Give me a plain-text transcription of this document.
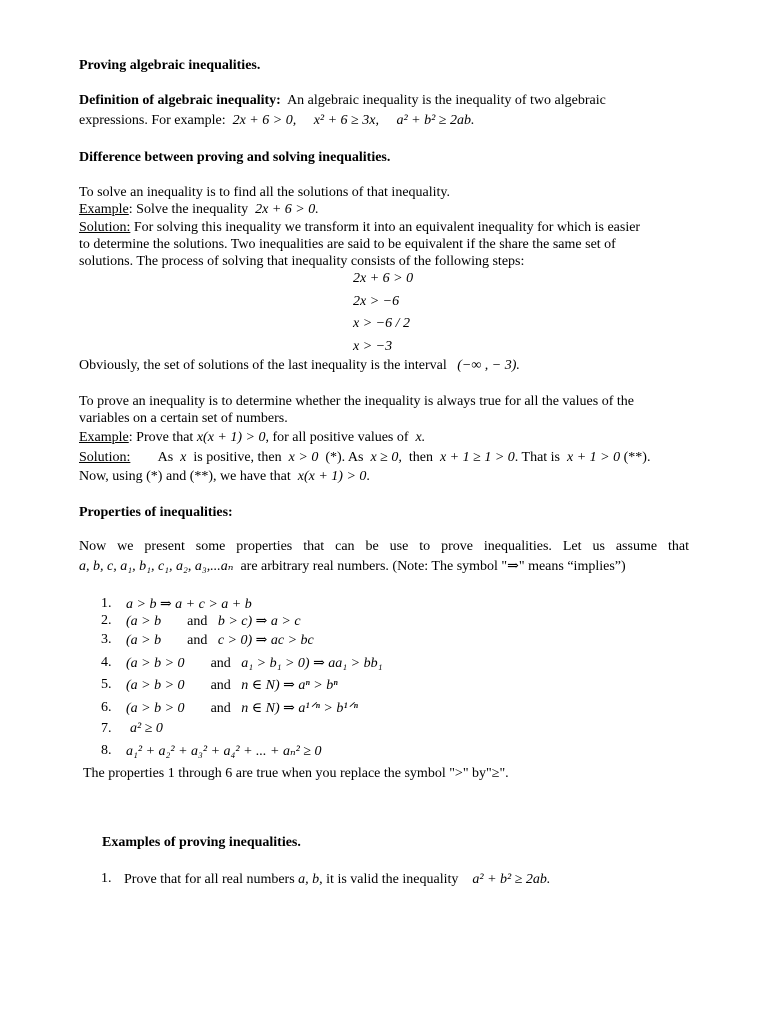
Proving algebraic inequalities.
Definition of algebraic inequality: An algebraic inequality is the inequality of two algebraic
expressions. For example: 2x + 6 > 0, x² + 6 ≥ 3x, a² + b² ≥ 2ab.
Difference between proving and solving inequalities.
To solve an inequality is to find all the solutions of that inequality.
Example: Solve the inequality 2x + 6 > 0.
Solution: For solving this inequality we transform it into an equivalent inequality for which is easier
to determine the solutions. Two inequalities are said to be equivalent if the share the same set of
solutions. The process of solving that inequality consists of the following steps:
2x + 6 > 0
2x > −6
x > −6 / 2
x > −3
Obviously, the set of solutions of the last inequality is the interval (−∞ , − 3).
To prove an inequality is to determine whether the inequality is always true for all the values of the
variables on a certain set of numbers.
Example: Prove that x(x + 1) > 0, for all positive values of x.
Solution: As x is positive, then x > 0 (*). As x ≥ 0, then x + 1 ≥ 1 > 0. That is x + 1 > 0 (**).
Now, using (*) and (**), we have that x(x + 1) > 0.
Properties of inequalities:
Now we present some properties that can be use to prove inequalities. Let us assume that
a, b, c, a₁, b₁, c₁, a₂, a₃,...aₙ are arbitrary real numbers. (Note: The symbol "⇒" means “implies”)
1. a > b ⇒ a + c > a + b
2. (a > b and b > c) ⇒ a > c
3. (a > b and c > 0) ⇒ ac > bc
4. (a > b > 0 and a₁ > b₁ > 0) ⇒ aa₁ > bb₁
5. (a > b > 0 and n ∈ N) ⇒ aⁿ > bⁿ
6. (a > b > 0 and n ∈ N) ⇒ a¹ᐟⁿ > b¹ᐟⁿ
7. a² ≥ 0
8. a₁² + a₂² + a₃² + a₄² + ... + aₙ² ≥ 0
The properties 1 through 6 are true when you replace the symbol ">" by"≥".
Examples of proving inequalities.
1. Prove that for all real numbers a, b, it is valid the inequality a² + b² ≥ 2ab.
